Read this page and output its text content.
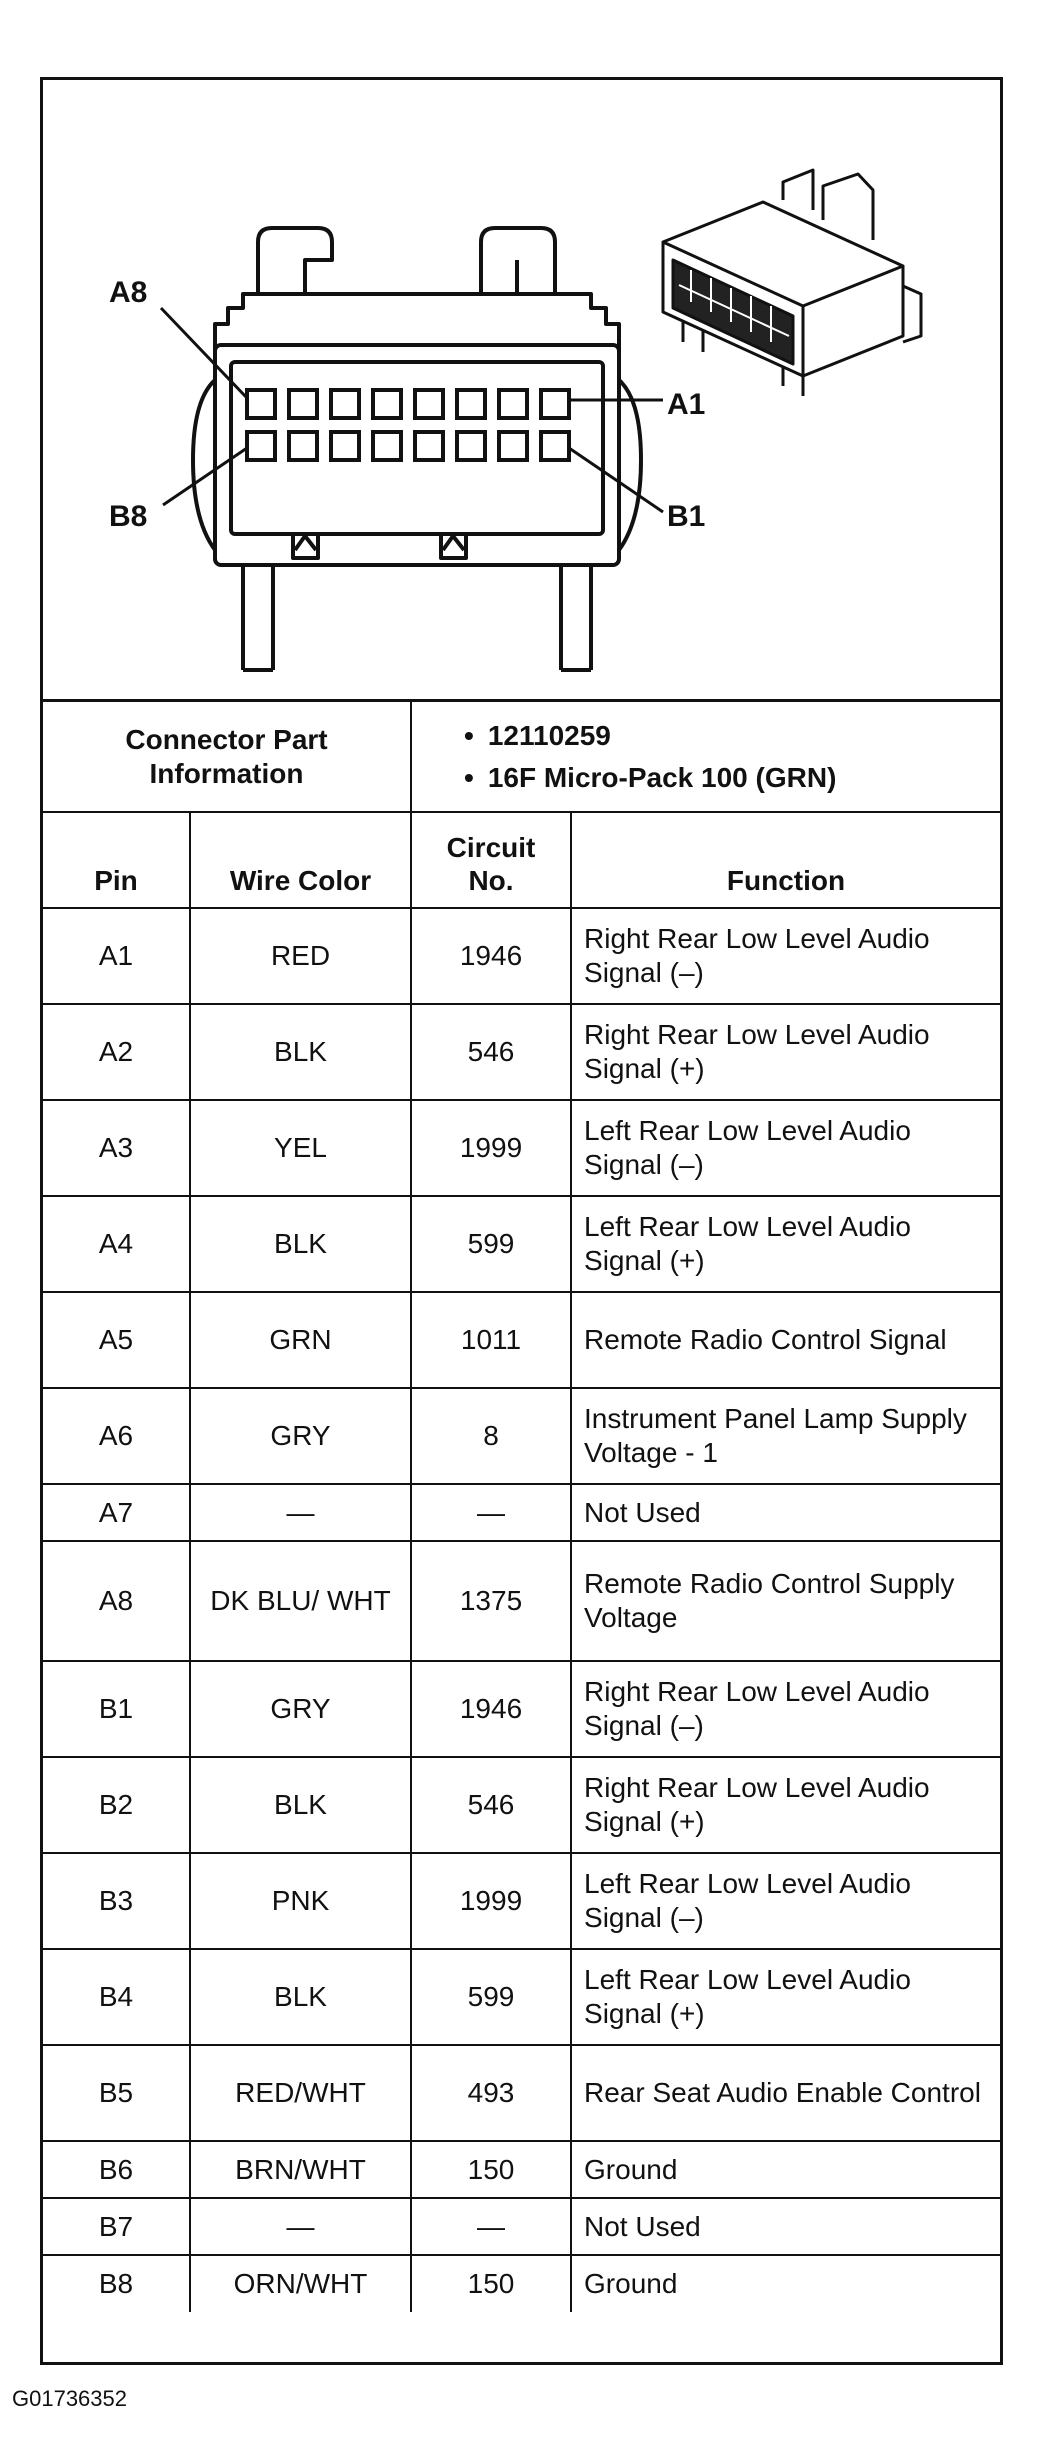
A8
B8
A1
B1
Connector Part Information		• 12110259
• 16F Micro-Pack 100 (GRN)

Pin	Wire Color	Circuit No.	Function
A1	RED	1946	Right Rear Low Level Audio Signal (–)
A2	BLK	546	Right Rear Low Level Audio Signal (+)
A3	YEL	1999	Left Rear Low Level Audio Signal (–)
A4	BLK	599	Left Rear Low Level Audio Signal (+)
A5	GRN	1011	Remote Radio Control Signal
A6	GRY	8	Instrument Panel Lamp Supply Voltage - 1
A7	—	—	Not Used
A8	DK BLU/ WHT	1375	Remote Radio Control Supply Voltage
B1	GRY	1946	Right Rear Low Level Audio Signal (–)
B2	BLK	546	Right Rear Low Level Audio Signal (+)
B3	PNK	1999	Left Rear Low Level Audio Signal (–)
B4	BLK	599	Left Rear Low Level Audio Signal (+)
B5	RED/WHT	493	Rear Seat Audio Enable Control
B6	BRN/WHT	150	Ground
B7	—	—	Not Used
B8	ORN/WHT	150	Ground
G01736352
